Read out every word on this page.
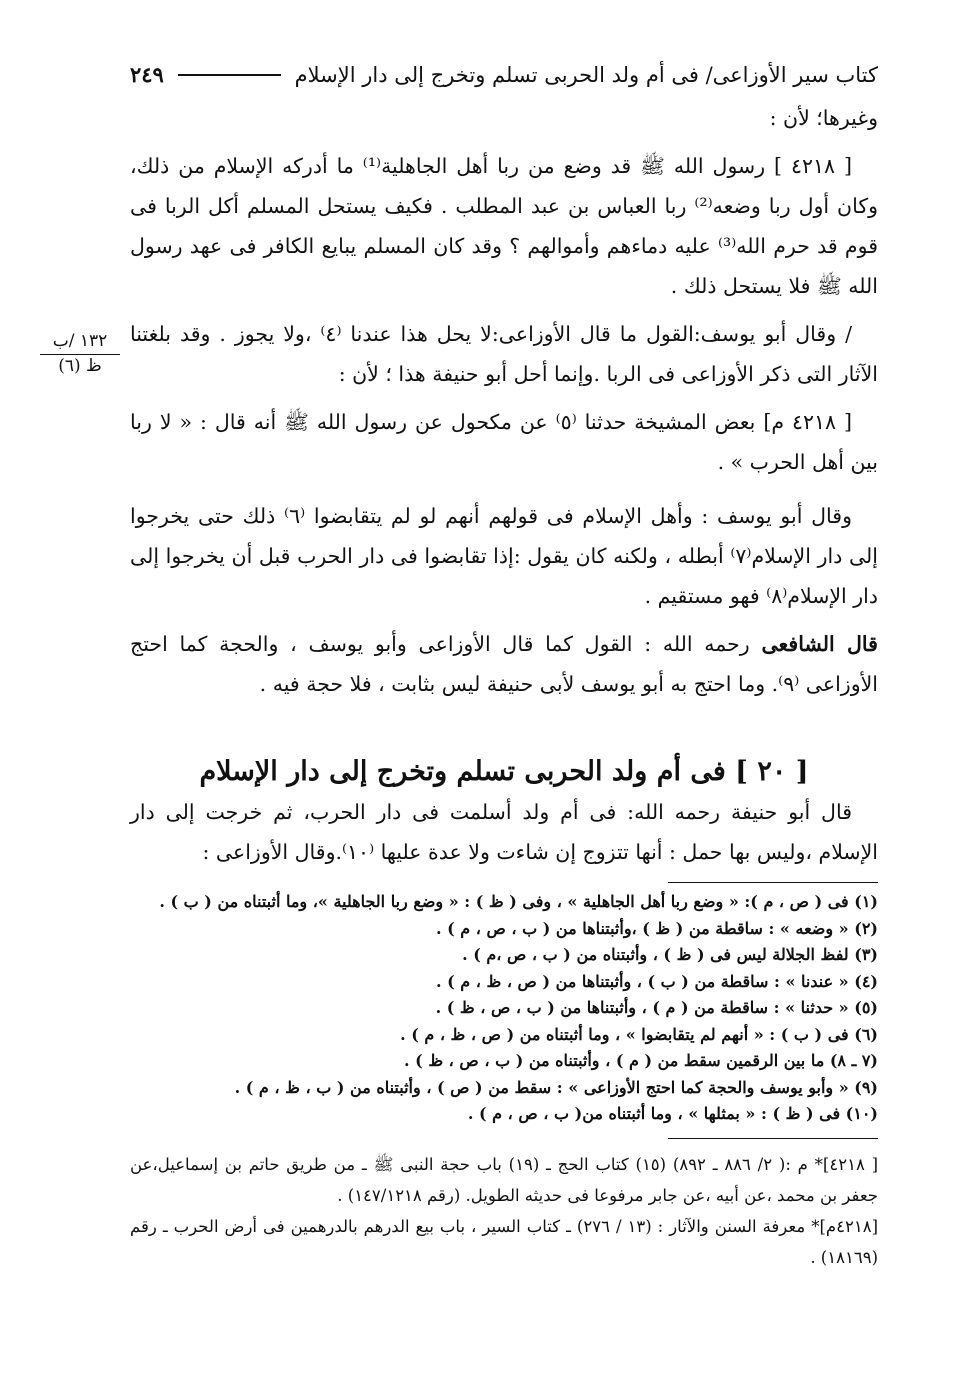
١٣٢ /ب
ظ (٦)
كتاب سير الأوزاعى/ فى أم ولد الحربى تسلم وتخرج إلى دار الإسلام
٢٤٩

وغيرها؛ لأن :

[ ٤٢١٨ ] رسول الله ﷺ قد وضع من ربا أهل الجاهلية⁽¹⁾ ما أدركه الإسلام من ذلك، وكان أول ربا وضعه⁽²⁾ ربا العباس بن عبد المطلب . فكيف يستحل المسلم أكل الربا فى قوم قد حرم الله⁽³⁾ عليه دماءهم وأموالهم ؟ وقد كان المسلم يبايع الكافر فى عهد رسول الله ﷺ فلا يستحل ذلك .

/ وقال أبو يوسف:القول ما قال الأوزاعى:لا يحل هذا عندنا ⁽٤⁾ ،ولا يجوز . وقد بلغتنا الآثار التى ذكر الأوزاعى فى الربا .وإنما أحل أبو حنيفة هذا ؛ لأن :

[ ٤٢١٨ م] بعض المشيخة حدثنا ⁽٥⁾ عن مكحول عن رسول الله ﷺ أنه قال : « لا ربا بين أهل الحرب » .

وقال أبو يوسف : وأهل الإسلام فى قولهم أنهم لو لم يتقابضوا ⁽٦⁾ ذلك حتى يخرجوا إلى دار الإسلام⁽٧⁾ أبطله ، ولكنه كان يقول :إذا تقابضوا فى دار الحرب قبل أن يخرجوا إلى دار الإسلام⁽٨⁾ فهو مستقيم .

قال الشافعى رحمه الله : القول كما قال الأوزاعى وأبو يوسف ، والحجة كما احتج الأوزاعى ⁽٩⁾. وما احتج به أبو يوسف لأبى حنيفة ليس بثابت ، فلا حجة فيه .

[ ٢٠ ] فى أم ولد الحربى تسلم وتخرج إلى دار الإسلام

قال أبو حنيفة رحمه الله: فى أم ولد أسلمت فى دار الحرب، ثم خرجت إلى دار الإسلام ،وليس بها حمل : أنها تتزوج إن شاءت ولا عدة عليها ⁽١٠⁾.وقال الأوزاعى :

(١) فى ( ص ، م ): « وضع ربا أهل الجاهلية » ، وفى ( ظ ) : « وضع ربا الجاهلية »، وما أثبتناه من ( ب ) .

(٢) « وضعه » : ساقطة من ( ظ ) ،وأثبتناها من ( ب ، ص ، م ) .

(٣) لفظ الجلالة ليس فى ( ظ ) ، وأثبتناه من ( ب ، ص ،م ) .

(٤) « عندنا » : ساقطة من ( ب ) ، وأثبتناها من ( ص ، ظ ، م ) .

(٥) « حدثنا » : ساقطة من ( م ) ، وأثبتناها من ( ب ، ص ، ظ ) .

(٦) فى ( ب ) : « أنهم لم يتقابضوا » ، وما أثبتناه من ( ص ، ظ ، م ) .

(٧ ـ ٨) ما بين الرقمين سقط من ( م ) ، وأثبتناه من ( ب ، ص ، ظ ) .

(٩) « وأبو يوسف والحجة كما احتج الأوزاعى » : سقط من ( ص ) ، وأثبتناه من ( ب ، ظ ، م ) .

(١٠) فى ( ظ ) : « بمثلها » ، وما أثبتناه من( ب ، ص ، م ) .

[ ٤٢١٨]* م :( ٢/ ٨٨٦ ـ ٨٩٢) (١٥) كتاب الحج ـ (١٩) باب حجة النبى ﷺ ـ من طريق حاتم بن إسماعيل،عن جعفر بن محمد ،عن أبيه ،عن جابر مرفوعا فى حديثه الطويل. (رقم ١٤٧/١٢١٨) .

[٤٢١٨م]* معرفة السنن والآثار : (١٣ / ٢٧٦) ـ كتاب السير ، باب بيع الدرهم بالدرهمين فى أرض الحرب ـ رقم (١٨١٦٩) .
